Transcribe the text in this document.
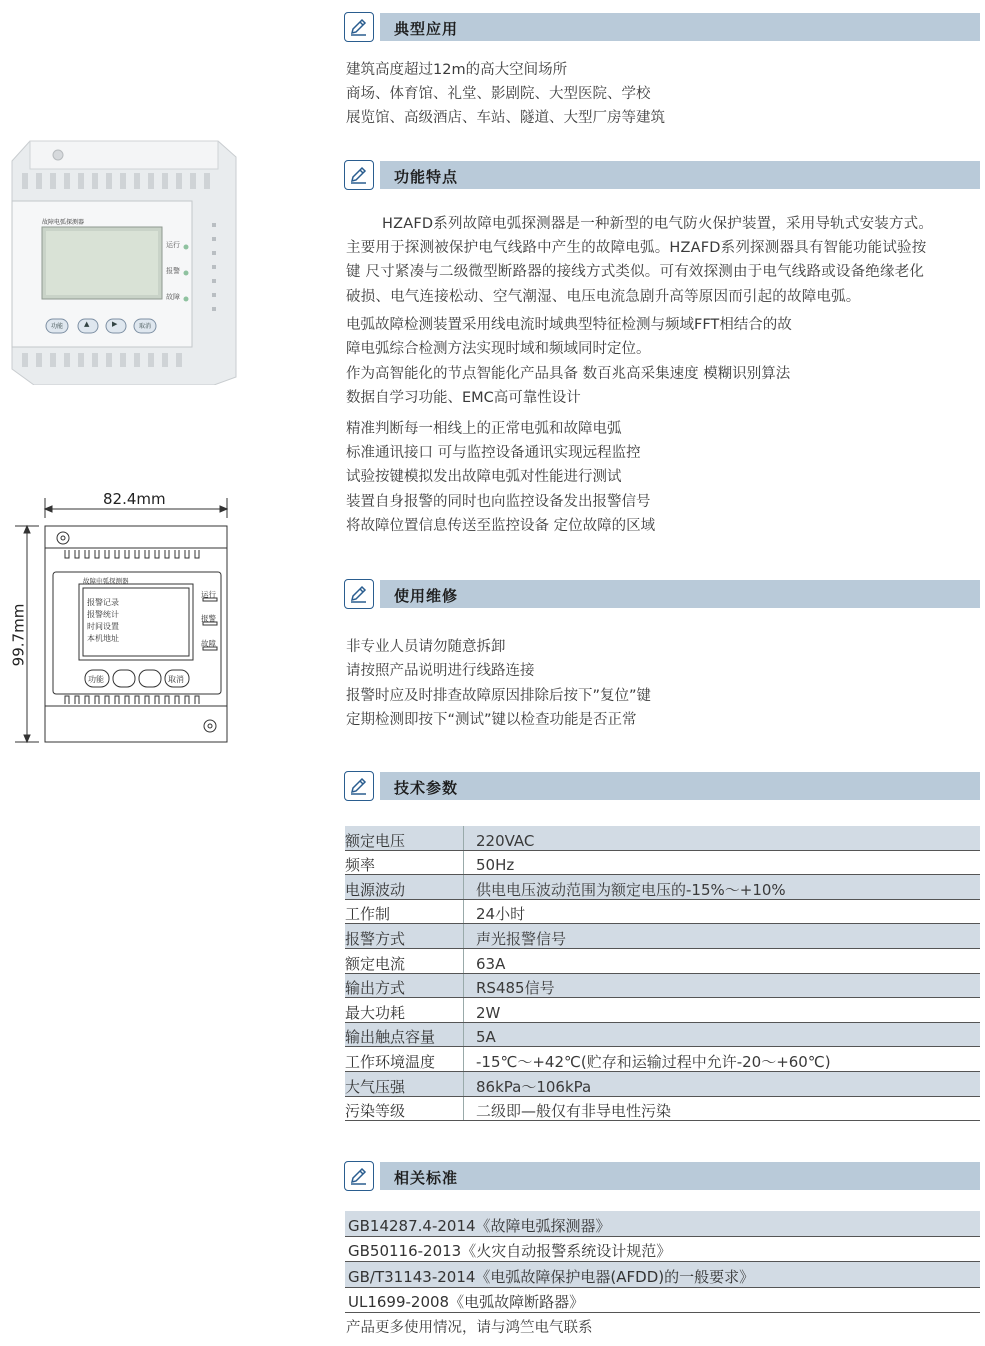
故障电弧探测器
运行
报警
故障
功能	▲	▶	取消
82.4mm
99.7mm
故障电弧探测器
报警记录
报警统计
时间设置
本机地址
运行
报警
故障
功能	取消
典型应用
建筑高度超过12m的高大空间场所
商场、体育馆、礼堂、影剧院、大型医院、学校
展览馆、高级酒店、车站、隧道、大型厂房等建筑
功能特点
HZAFD系列故障电弧探测器是一种新型的电气防火保护装置，采用导轨式安装方式。
主要用于探测被保护电气线路中产生的故障电弧。HZAFD系列探测器具有智能功能试验按
键 尺寸紧凑与二级微型断路器的接线方式类似。可有效探测由于电气线路或设备绝缘老化
破损、电气连接松动、空气潮湿、电压电流急剧升高等原因而引起的故障电弧。
电弧故障检测装置采用线电流时域典型特征检测与频域FFT相结合的故
障电弧综合检测方法实现时域和频域同时定位。
作为高智能化的节点智能化产品具备 数百兆高采集速度 模糊识别算法
数据自学习功能、EMC高可靠性设计
精准判断每一相线上的正常电弧和故障电弧
标准通讯接口 可与监控设备通讯实现远程监控
试验按键模拟发出故障电弧对性能进行测试
装置自身报警的同时也向监控设备发出报警信号
将故障位置信息传送至监控设备 定位故障的区域
使用维修
非专业人员请勿随意拆卸
请按照产品说明进行线路连接
报警时应及时排查故障原因排除后按下”复位”键
定期检测即按下“测试”键以检查功能是否正常
技术参数
额定电压	220VAC
频率	50Hz
电源波动	供电电压波动范围为额定电压的-15%～+10%
工作制	24小时
报警方式	声光报警信号
额定电流	63A
输出方式	RS485信号
最大功耗	2W
输出触点容量	5A
工作环境温度	-15℃～+42℃(贮存和运输过程中允许-20～+60℃)
大气压强	86kPa～106kPa
污染等级	二级即—般仅有非导电性污染
相关标准
GB14287.4-2014《故障电弧探测器》
GB50116-2013《火灾自动报警系统设计规范》
GB/T31143-2014《电弧故障保护电器(AFDD)的一般要求》
UL1699-2008《电弧故障断路器》
产品更多使用情况，请与鸿竺电气联系
